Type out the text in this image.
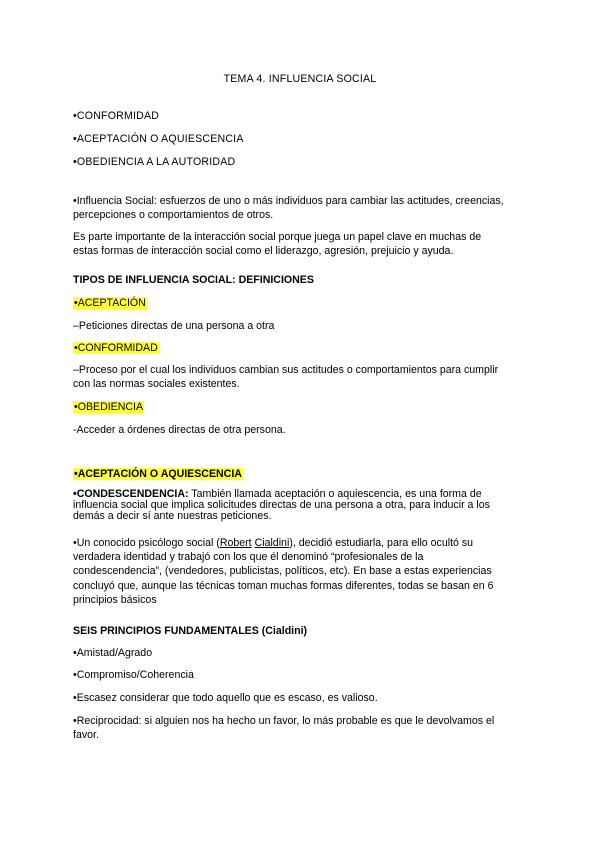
TEMA 4. INFLUENCIA SOCIAL
•CONFORMIDAD
•ACEPTACIÓN O AQUIESCENCIA
•OBEDIENCIA A LA AUTORIDAD
•Influencia Social: esfuerzos de uno o más individuos para cambiar las actitudes, creencias,
percepciones o comportamientos de otros.
Es parte importante de la interacción social porque juega un papel clave en muchas de
estas formas de interacción social como el liderazgo, agresión, prejuicio y ayuda.
TIPOS DE INFLUENCIA SOCIAL: DEFINICIONES
•ACEPTACIÓN
–Peticiones directas de una persona a otra
•CONFORMIDAD
–Proceso por el cual los individuos cambian sus actitudes o comportamientos para cumplir
con las normas sociales existentes.
•OBEDIENCIA
-Acceder a órdenes directas de otra persona.
•ACEPTACIÓN O AQUIESCENCIA
•CONDESCENDENCIA: También llamada aceptación o aquiescencia, es una forma de
influencia social que implica solicitudes directas de una persona a otra, para inducir a los
demás a decir sí ante nuestras peticiones.
•Un conocido psicólogo social (Robert Cialdini), decidió estudiarla, para ello ocultó su
verdadera identidad y trabajó con los que él denominó “profesionales de la
condescendencia”, (vendedores, publicistas, políticos, etc). En base a estas experiencias
concluyó que, aunque las técnicas toman muchas formas diferentes, todas se basan en 6
principios básicos
SEIS PRINCIPIOS FUNDAMENTALES (Cialdini)
•Amistad/Agrado
•Compromiso/Coherencia
•Escasez considerar que todo aquello que es escaso, es valioso.
•Reciprocidad: si alguien nos ha hecho un favor, lo más probable es que le devolvamos el
favor.
